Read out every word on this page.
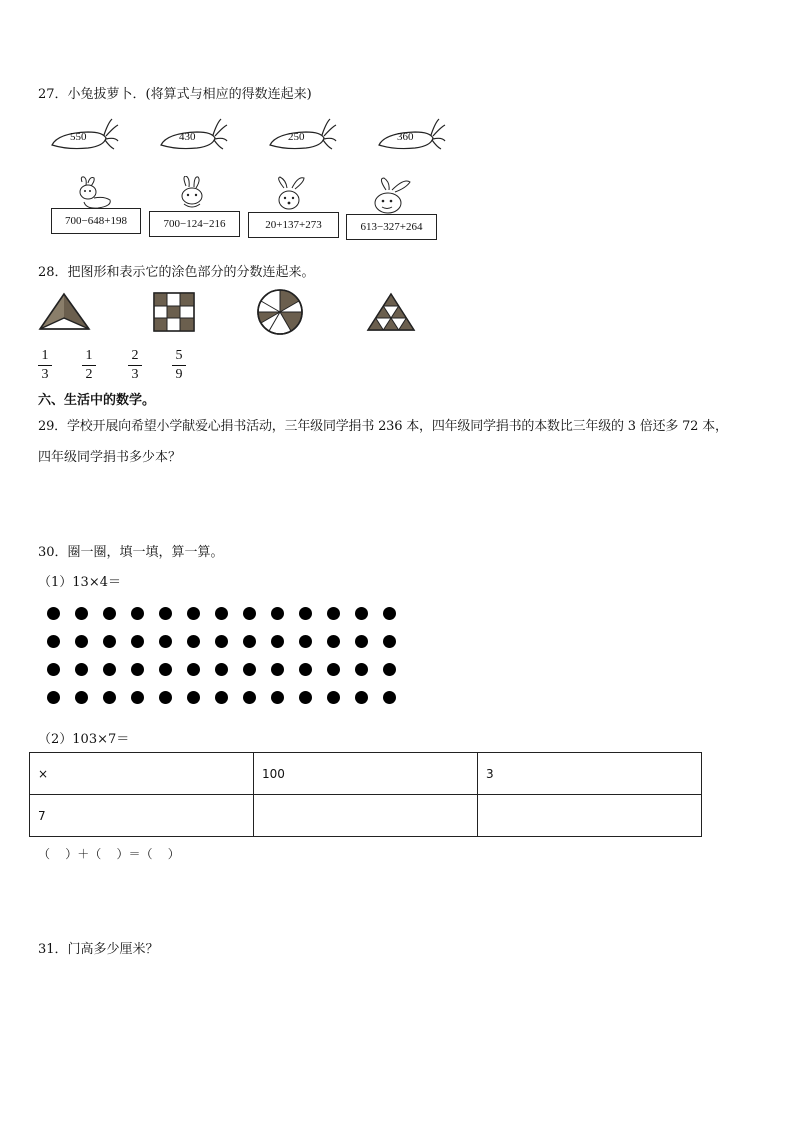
27．小兔拔萝卜．(将算式与相应的得数连起来)
550	430	250	360
700−648+198	700−124−216	20+137+273	613−327+264
28．把图形和表示它的涂色部分的分数连起来。
1
3
1
2
2
3
5
9
六、生活中的数学。
29．学校开展向希望小学献爱心捐书活动，三年级同学捐书 236 本，四年级同学捐书的本数比三年级的 3 倍还多 72 本，
四年级同学捐书多少本？
30．圈一圈，填一填，算一算。
（1）13×4＝
（2）103×7＝
×	100	3
7		
（    ）＋（    ）＝（    ）
31．门高多少厘米？
